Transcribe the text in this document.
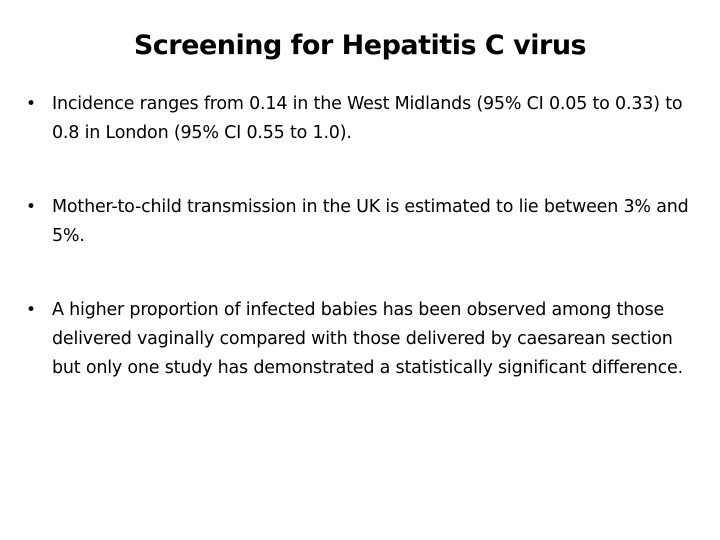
Screening for Hepatitis C virus
• Incidence ranges from 0.14 in the West Midlands (95% CI 0.05 to 0.33) to 0.8 in London (95% CI 0.55 to 1.0).
• Mother-to-child transmission in the UK is estimated to lie between 3% and 5%.
• A higher proportion of infected babies has been observed among those delivered vaginally compared with those delivered by caesarean section but only one study has demonstrated a statistically significant difference.
